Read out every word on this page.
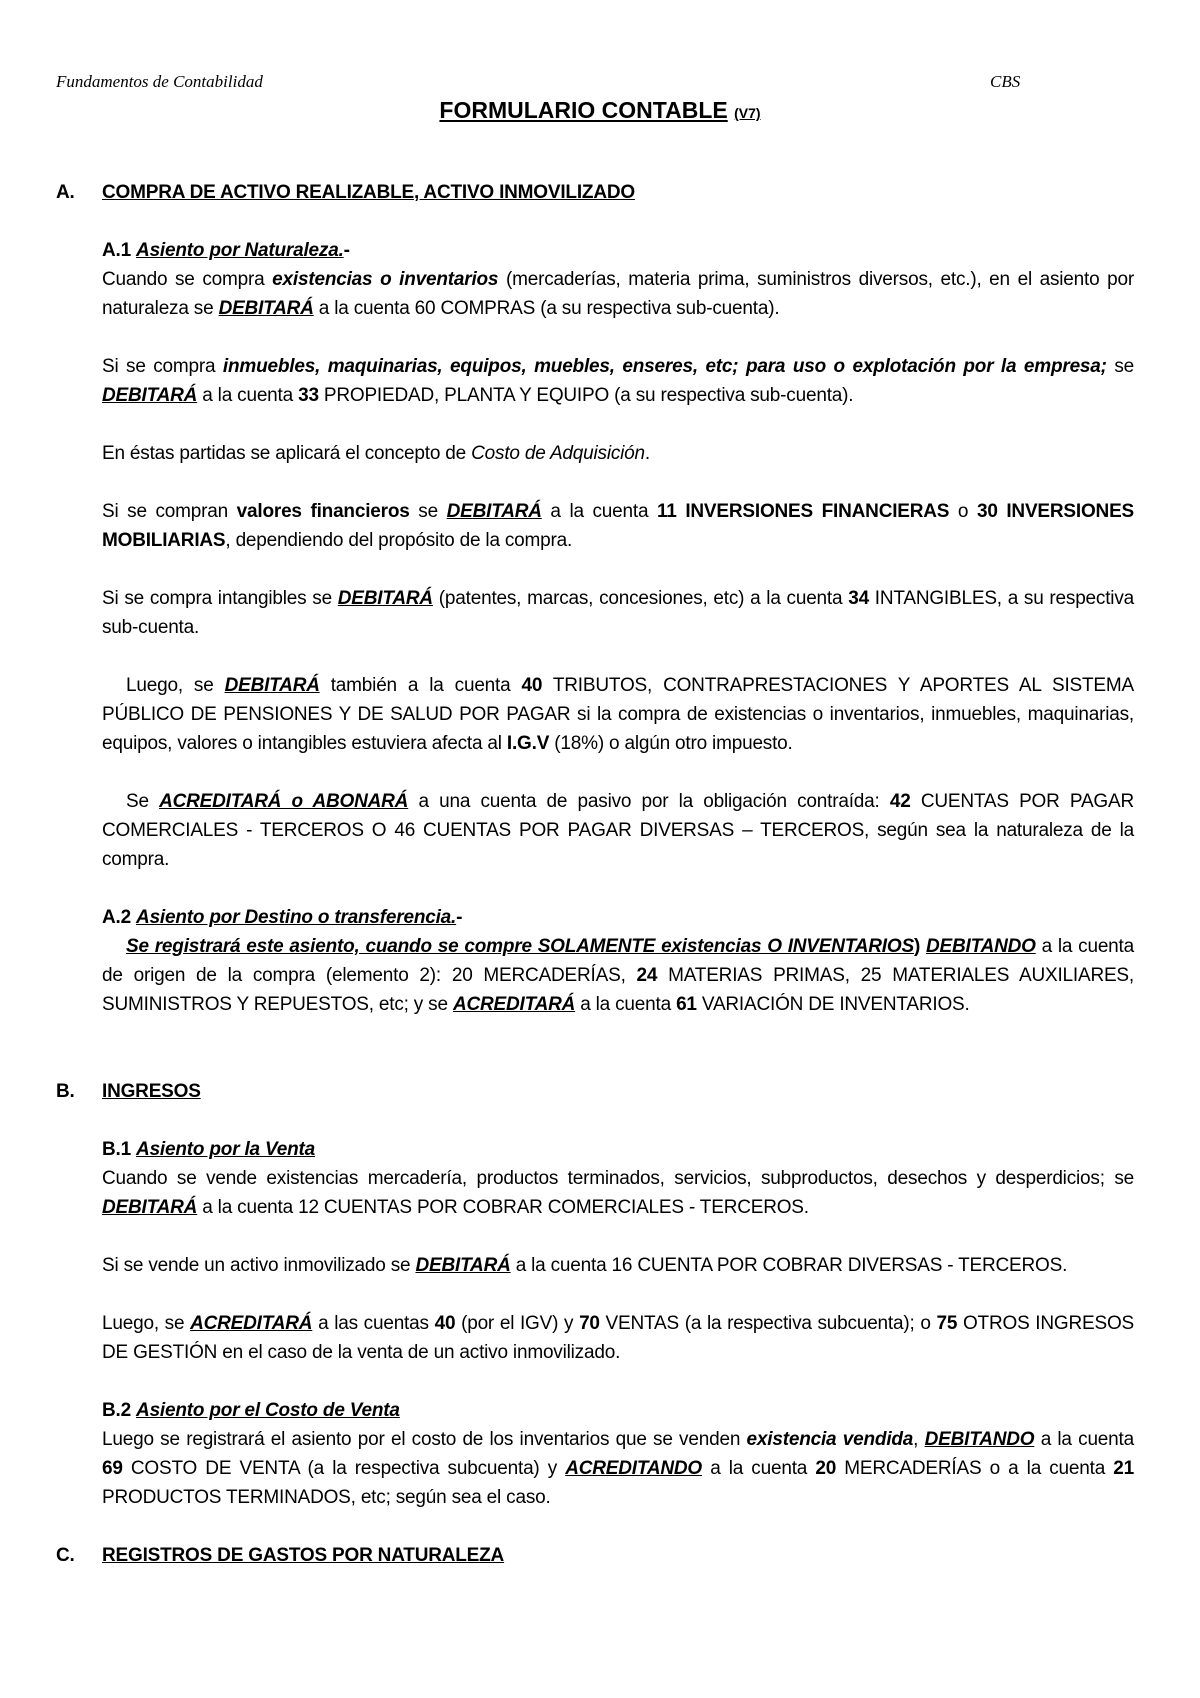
Fundamentos de Contabilidad	CBS
FORMULARIO CONTABLE (V7)
A. COMPRA DE ACTIVO REALIZABLE, ACTIVO INMOVILIZADO
A.1 Asiento por Naturaleza.-

Cuando se compra existencias o inventarios (mercaderías, materia prima, suministros diversos, etc.), en el asiento por naturaleza se DEBITARÁ a la cuenta 60 COMPRAS (a su respectiva sub-cuenta).

Si se compra inmuebles, maquinarias, equipos, muebles, enseres, etc; para uso o explotación por la empresa; se DEBITARÁ a la cuenta 33 PROPIEDAD, PLANTA Y EQUIPO (a su respectiva sub-cuenta).

En éstas partidas se aplicará el concepto de Costo de Adquisición.

Si se compran valores financieros se DEBITARÁ a la cuenta 11 INVERSIONES FINANCIERAS o 30 INVERSIONES MOBILIARIAS, dependiendo del propósito de la compra.

Si se compra intangibles se DEBITARÁ (patentes, marcas, concesiones, etc) a la cuenta 34 INTANGIBLES, a su respectiva sub-cuenta.

Luego, se DEBITARÁ también a la cuenta 40 TRIBUTOS, CONTRAPRESTACIONES Y APORTES AL SISTEMA PÚBLICO DE PENSIONES Y DE SALUD POR PAGAR si la compra de existencias o inventarios, inmuebles, maquinarias, equipos, valores o intangibles estuviera afecta al I.G.V (18%) o algún otro impuesto.

Se ACREDITARÁ o ABONARÁ a una cuenta de pasivo por la obligación contraída: 42 CUENTAS POR PAGAR COMERCIALES - TERCEROS O 46 CUENTAS POR PAGAR DIVERSAS – TERCEROS, según sea la naturaleza de la compra.

A.2 Asiento por Destino o transferencia.-

Se registrará este asiento, cuando se compre SOLAMENTE existencias O INVENTARIOS) DEBITANDO a la cuenta de origen de la compra (elemento 2): 20 MERCADERÍAS, 24 MATERIAS PRIMAS, 25 MATERIALES AUXILIARES, SUMINISTROS Y REPUESTOS, etc; y se ACREDITARÁ a la cuenta 61 VARIACIÓN DE INVENTARIOS.

B. INGRESOS
B.1 Asiento por la Venta

Cuando se vende existencias mercadería, productos terminados, servicios, subproductos, desechos y desperdicios; se DEBITARÁ a la cuenta 12 CUENTAS POR COBRAR COMERCIALES - TERCEROS.

Si se vende un activo inmovilizado se DEBITARÁ a la cuenta 16 CUENTA POR COBRAR DIVERSAS - TERCEROS.

Luego, se ACREDITARÁ a las cuentas 40 (por el IGV) y 70 VENTAS (a la respectiva subcuenta); o 75 OTROS INGRESOS DE GESTIÓN en el caso de la venta de un activo inmovilizado.

B.2 Asiento por el Costo de Venta

Luego se registrará el asiento por el costo de los inventarios que se venden existencia vendida, DEBITANDO a la cuenta 69 COSTO DE VENTA (a la respectiva subcuenta) y ACREDITANDO a la cuenta 20 MERCADERÍAS o a la cuenta 21 PRODUCTOS TERMINADOS, etc; según sea el caso.

C. REGISTROS DE GASTOS POR NATURALEZA
